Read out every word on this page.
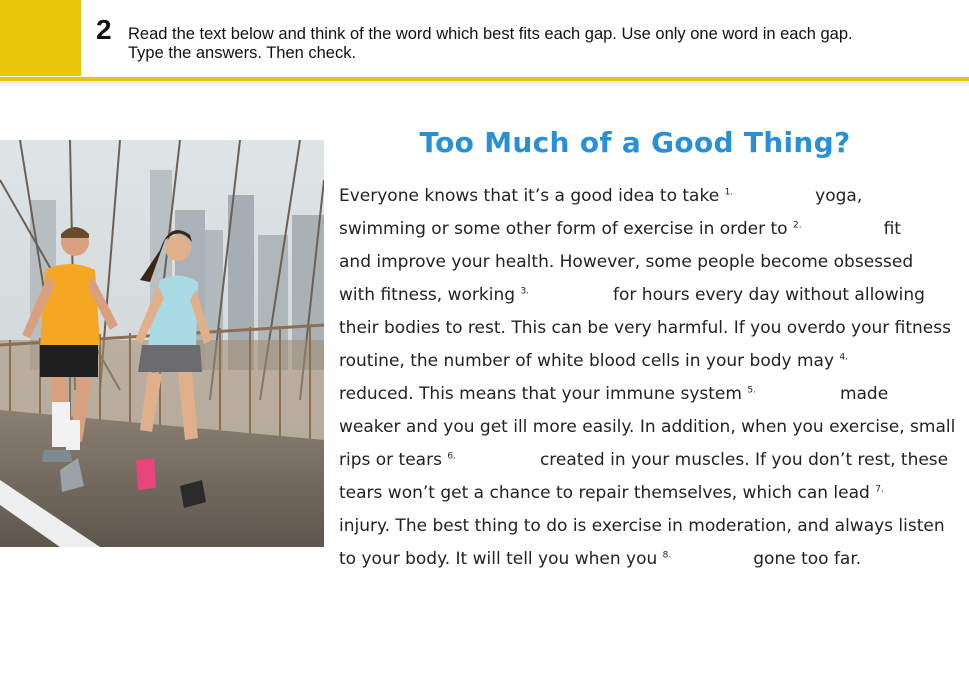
2 Read the text below and think of the word which best fits each gap. Use only one word in each gap.
Type the answers. Then check.
Too Much of a Good Thing?
Everyone knows that it’s a good idea to take $^{1.}$	yoga,
swimming or some other form of exercise in order to $^{2.}$	fit
and improve your health. However, some people become obsessed
with fitness, working $^{3.}$	for hours every day without allowing
their bodies to rest. This can be very harmful. If you overdo your fitness
routine, the number of white blood cells in your body may $^{4.}$
reduced. This means that your immune system $^{5.}$	made
weaker and you get ill more easily. In addition, when you exercise, small
rips or tears $^{6.}$	created in your muscles. If you don’t rest, these
tears won’t get a chance to repair themselves, which can lead $^{7.}$
injury. The best thing to do is exercise in moderation, and always listen
to your body. It will tell you when you $^{8.}$	gone too far.
